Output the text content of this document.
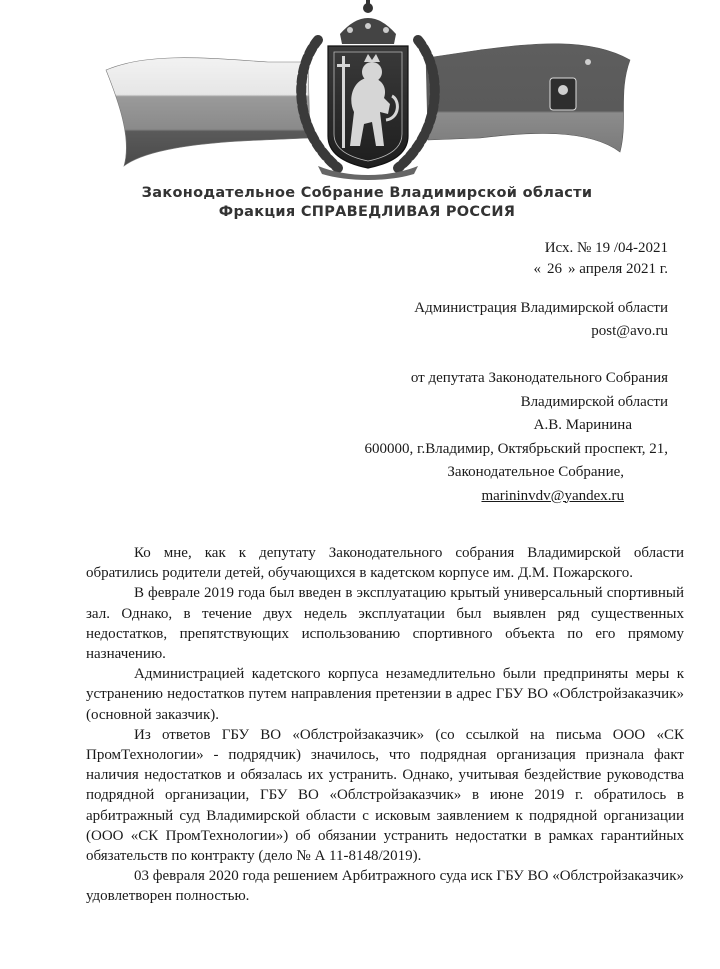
Законодательное Собрание Владимирской области
Фракция СПРАВЕДЛИВАЯ РОССИЯ
Исх. № 19 /04-2021
« 26 » апреля 2021 г.
Администрация Владимирской области
post@avo.ru
от депутата Законодательного Собрания
Владимирской области
А.В. Маринина
600000, г.Владимир, Октябрьский проспект, 21,
Законодательное Собрание,
marininvdv@yandex.ru

Ко мне, как к депутату Законодательного собрания Владимирской области обратились родители детей, обучающихся в кадетском корпусе им. Д.М. Пожарского.

В феврале 2019 года был введен в эксплуатацию крытый универсальный спортивный зал. Однако, в течение двух недель эксплуатации был выявлен ряд существенных недостатков, препятствующих использованию спортивного объекта по его прямому назначению.

Администрацией кадетского корпуса незамедлительно были предприняты меры к устранению недостатков путем направления претензии в адрес ГБУ ВО «Облстройзаказчик» (основной заказчик).

Из ответов ГБУ ВО «Облстройзаказчик» (со ссылкой на письма ООО «СК ПромТехнологии» - подрядчик) значилось, что подрядная организация признала факт наличия недостатков и обязалась их устранить. Однако, учитывая бездействие руководства подрядной организации, ГБУ ВО «Облстройзаказчик» в июне 2019 г. обратилось в арбитражный суд Владимирской области с исковым заявлением к подрядной организации (ООО «СК ПромТехнологии») об обязании устранить недостатки в рамках гарантийных обязательств по контракту (дело № А 11-8148/2019).

03 февраля 2020 года решением Арбитражного суда иск ГБУ ВО «Облстройзаказчик» удовлетворен полностью.
